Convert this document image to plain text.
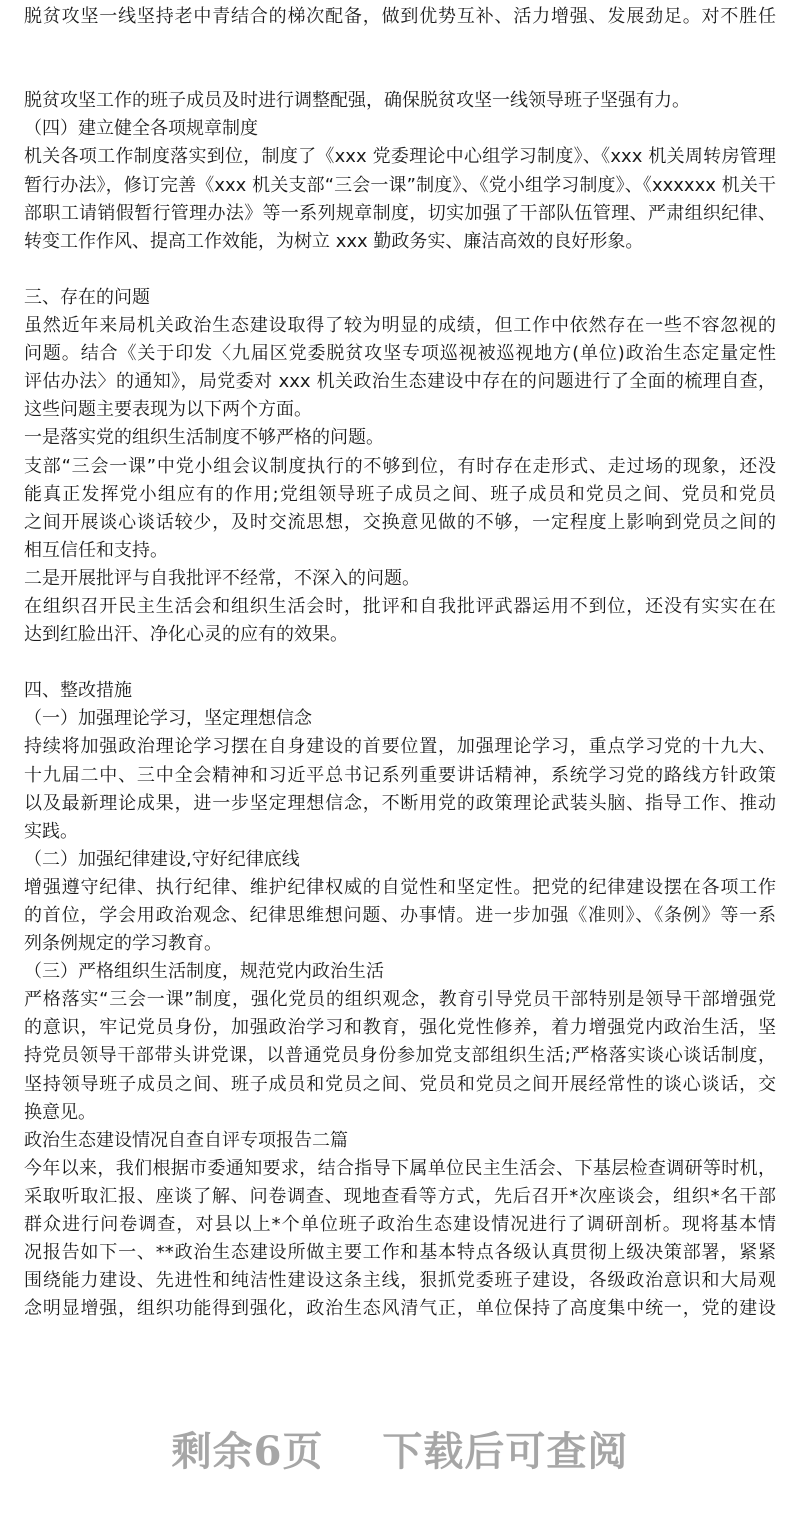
脱贫攻坚一线坚持老中青结合的梯次配备，做到优势互补、活力增强、发展劲足。对不胜任
脱贫攻坚工作的班子成员及时进行调整配强，确保脱贫攻坚一线领导班子坚强有力。
（四）建立健全各项规章制度
机关各项工作制度落实到位，制度了《xxx 党委理论中心组学习制度》、《xxx 机关周转房管理
暂行办法》，修订完善《xxx 机关支部“三会一课”制度》、《党小组学习制度》、《xxxxxx 机关干
部职工请销假暂行管理办法》等一系列规章制度，切实加强了干部队伍管理、严肃组织纪律、
转变工作作风、提高工作效能，为树立 xxx 勤政务实、廉洁高效的良好形象。
三、存在的问题
虽然近年来局机关政治生态建设取得了较为明显的成绩，但工作中依然存在一些不容忽视的
问题。结合《关于印发〈九届区党委脱贫攻坚专项巡视被巡视地方(单位)政治生态定量定性
评估办法〉的通知》，局党委对 xxx 机关政治生态建设中存在的问题进行了全面的梳理自查，
这些问题主要表现为以下两个方面。
一是落实党的组织生活制度不够严格的问题。
支部“三会一课”中党小组会议制度执行的不够到位，有时存在走形式、走过场的现象，还没
能真正发挥党小组应有的作用;党组领导班子成员之间、班子成员和党员之间、党员和党员
之间开展谈心谈话较少，及时交流思想，交换意见做的不够，一定程度上影响到党员之间的
相互信任和支持。
二是开展批评与自我批评不经常，不深入的问题。
在组织召开民主生活会和组织生活会时，批评和自我批评武器运用不到位，还没有实实在在
达到红脸出汗、净化心灵的应有的效果。
四、整改措施
（一）加强理论学习，坚定理想信念
持续将加强政治理论学习摆在自身建设的首要位置，加强理论学习，重点学习党的十九大、
十九届二中、三中全会精神和习近平总书记系列重要讲话精神，系统学习党的路线方针政策
以及最新理论成果，进一步坚定理想信念，不断用党的政策理论武装头脑、指导工作、推动
实践。
（二）加强纪律建设,守好纪律底线
增强遵守纪律、执行纪律、维护纪律权威的自觉性和坚定性。把党的纪律建设摆在各项工作
的首位，学会用政治观念、纪律思维想问题、办事情。进一步加强《准则》、《条例》等一系
列条例规定的学习教育。
（三）严格组织生活制度，规范党内政治生活
严格落实“三会一课”制度，强化党员的组织观念，教育引导党员干部特别是领导干部增强党
的意识，牢记党员身份，加强政治学习和教育，强化党性修养，着力增强党内政治生活，坚
持党员领导干部带头讲党课，以普通党员身份参加党支部组织生活;严格落实谈心谈话制度，
坚持领导班子成员之间、班子成员和党员之间、党员和党员之间开展经常性的谈心谈话，交
换意见。
政治生态建设情况自查自评专项报告二篇
今年以来，我们根据市委通知要求，结合指导下属单位民主生活会、下基层检查调研等时机，
采取听取汇报、座谈了解、问卷调查、现地查看等方式，先后召开*次座谈会，组织*名干部
群众进行问卷调查，对县以上*个单位班子政治生态建设情况进行了调研剖析。现将基本情
况报告如下一、**政治生态建设所做主要工作和基本特点各级认真贯彻上级决策部署，紧紧
围绕能力建设、先进性和纯洁性建设这条主线，狠抓党委班子建设，各级政治意识和大局观
念明显增强，组织功能得到强化，政治生态风清气正，单位保持了高度集中统一，党的建设
剩余6页 下载后可查阅
